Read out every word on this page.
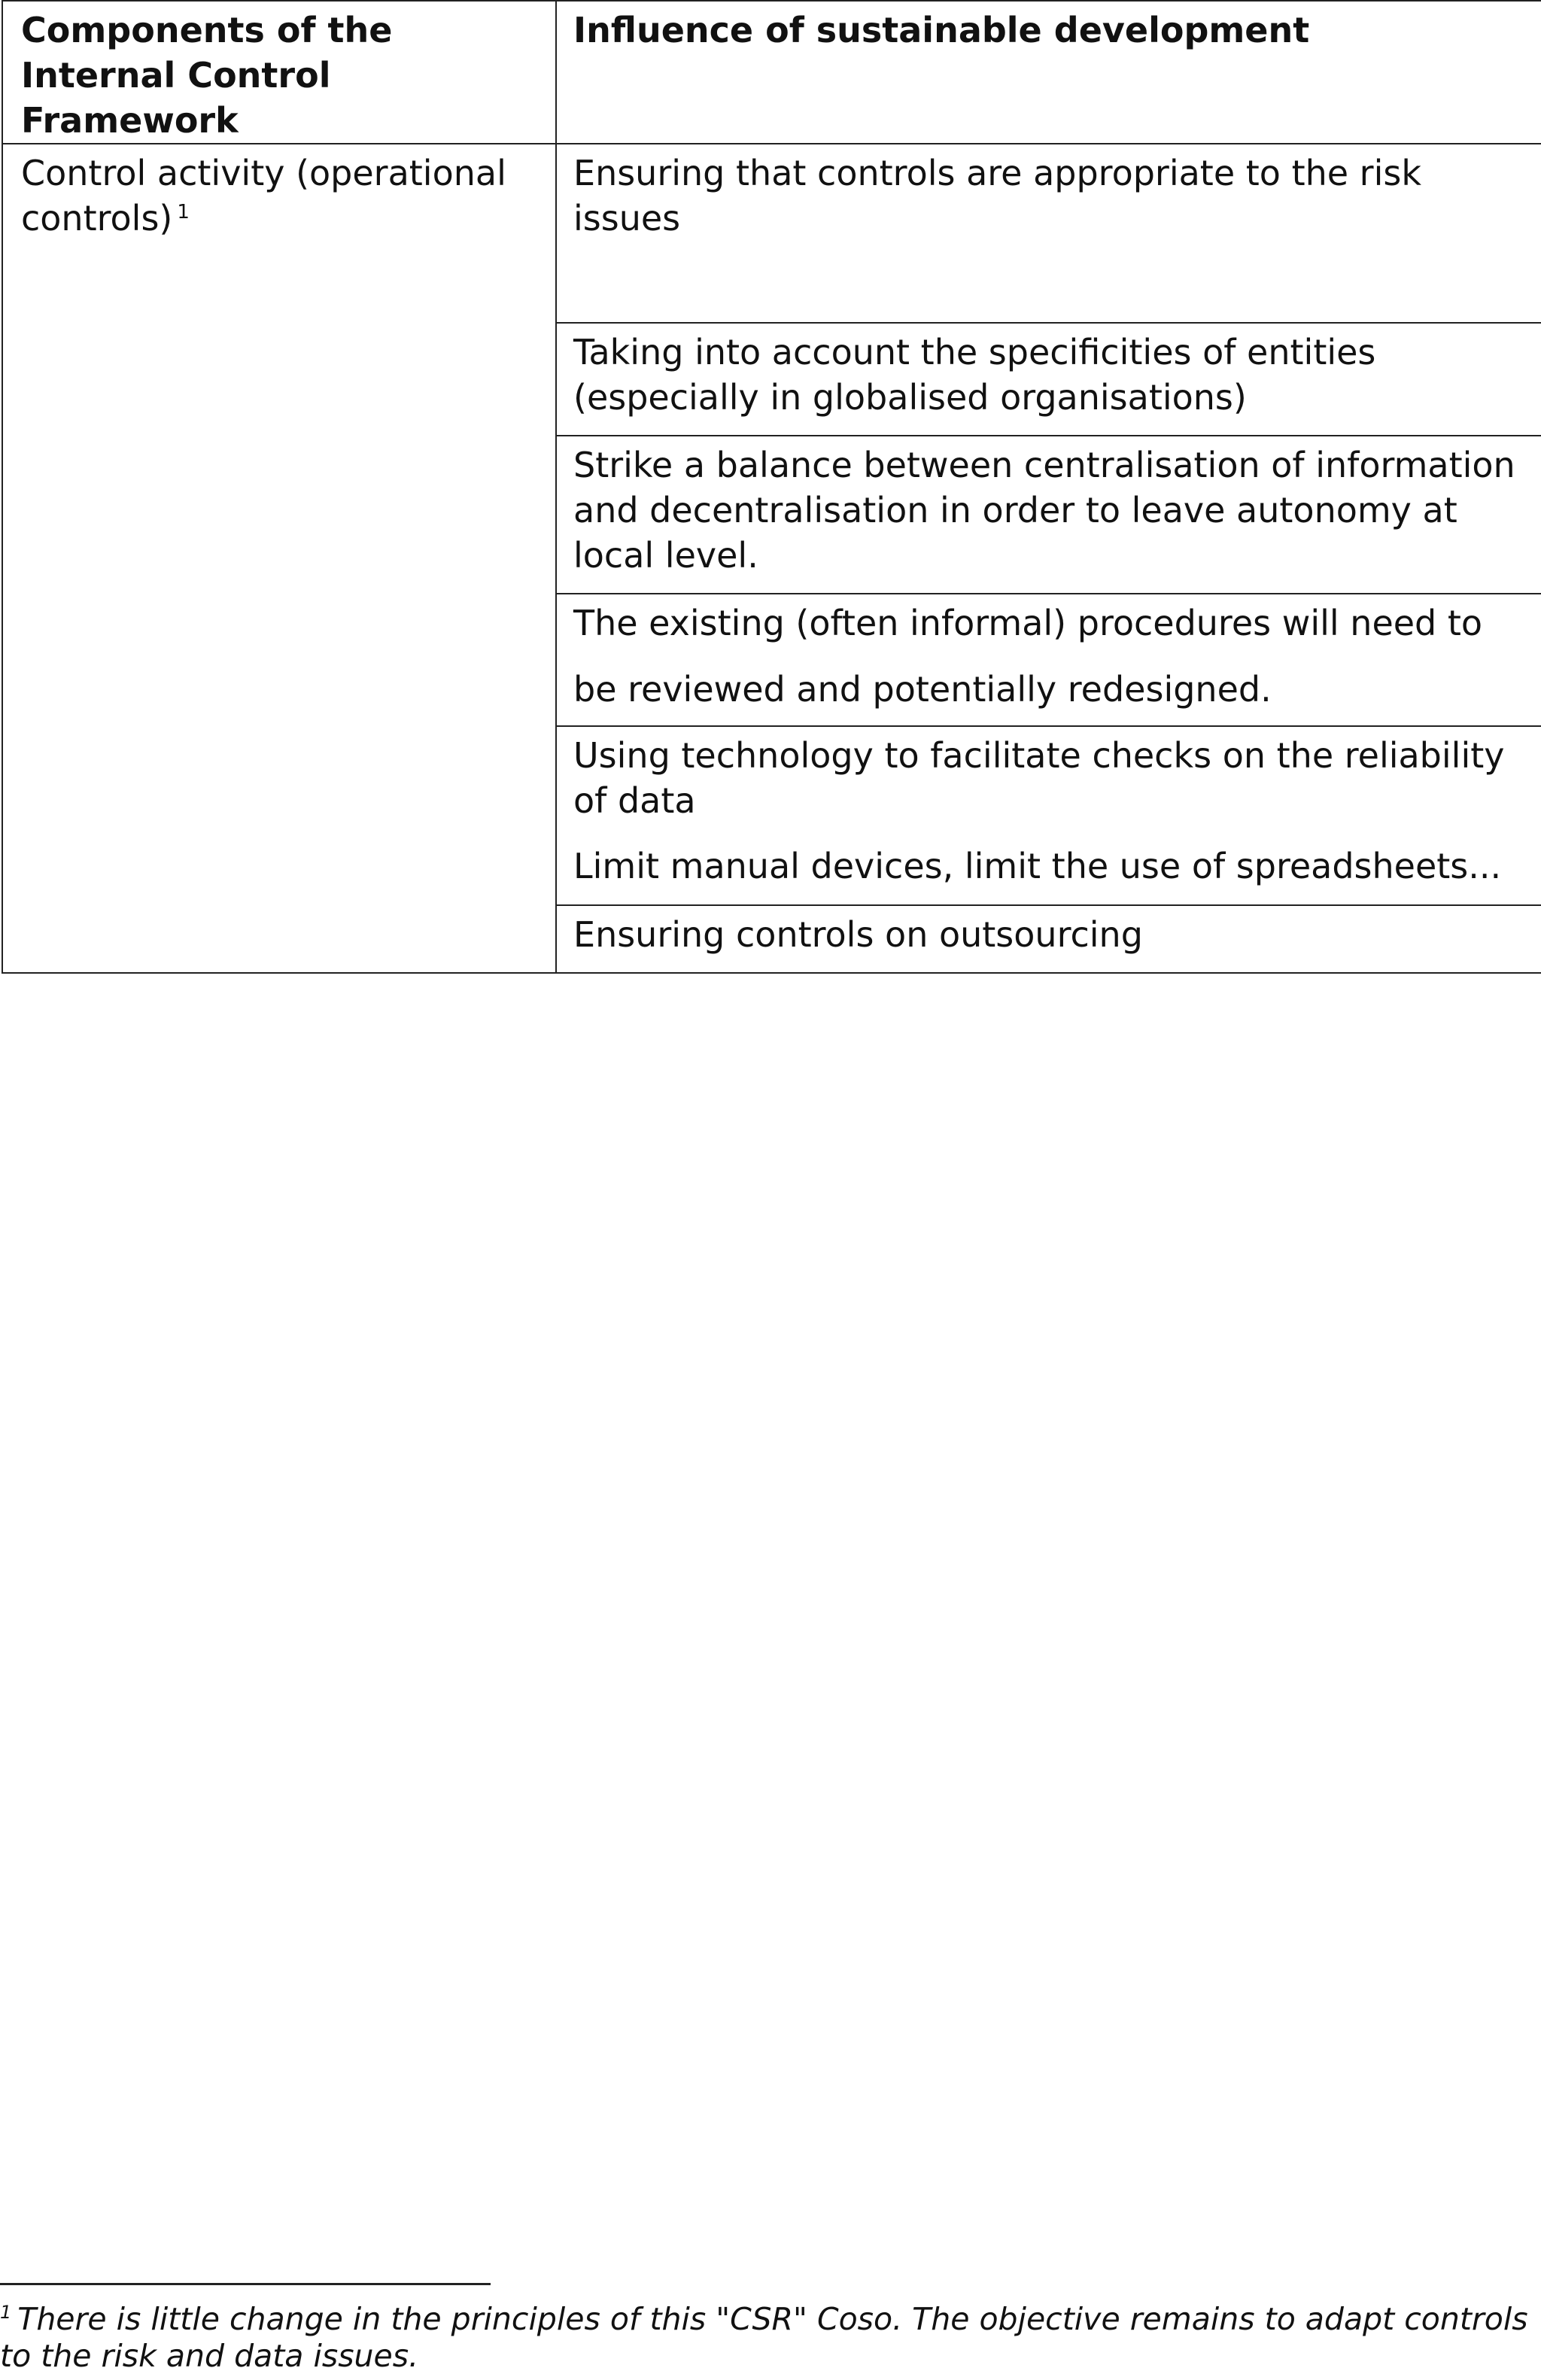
Components of the Internal Control Framework	Influence of sustainable development

Control activity (operational controls) $^1$	Ensuring that controls are appropriate to the risk issues

	Taking into account the specificities of entities (especially in globalised organisations)

	Strike a balance between centralisation of information and decentralisation in order to leave autonomy at local level.

	The existing (often informal) procedures will need to be reviewed and potentially redesigned.

	Using technology to facilitate checks on the reliability of data
Limit manual devices, limit the use of spreadsheets...

	Ensuring controls on outsourcing
$^1$ There is little change in the principles of this "CSR" Coso. The objective remains to adapt controls to the risk and data issues.
